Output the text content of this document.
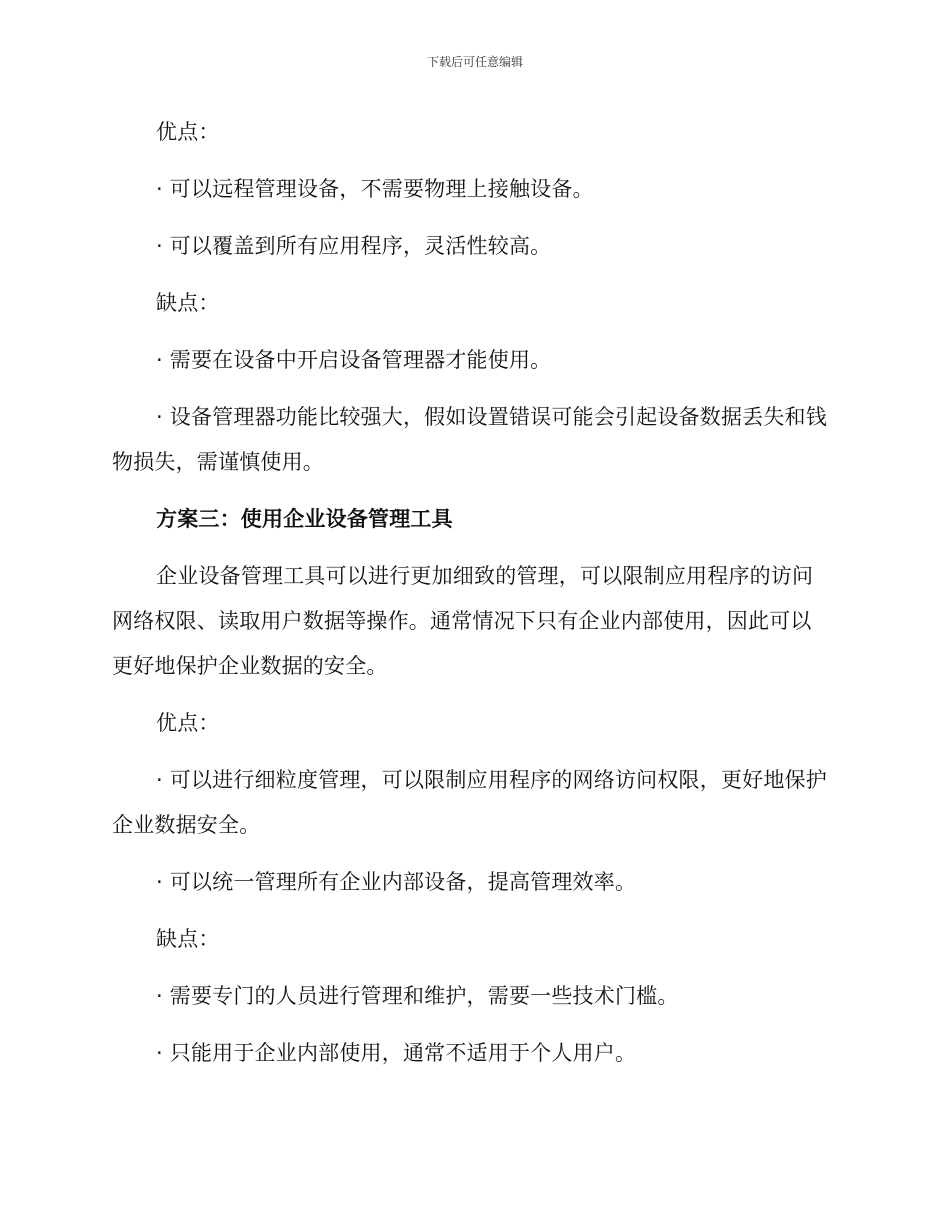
下载后可任意编辑

优点：

· 可以远程管理设备，不需要物理上接触设备。

· 可以覆盖到所有应用程序，灵活性较高。

缺点：

· 需要在设备中开启设备管理器才能使用。

· 设备管理器功能比较强大，假如设置错误可能会引起设备数据丢失和钱物损失，需谨慎使用。

方案三：使用企业设备管理工具

企业设备管理工具可以进行更加细致的管理，可以限制应用程序的访问网络权限、读取用户数据等操作。通常情况下只有企业内部使用，因此可以更好地保护企业数据的安全。

优点：

· 可以进行细粒度管理，可以限制应用程序的网络访问权限，更好地保护企业数据安全。

· 可以统一管理所有企业内部设备，提高管理效率。

缺点：

· 需要专门的人员进行管理和维护，需要一些技术门槛。

· 只能用于企业内部使用，通常不适用于个人用户。
